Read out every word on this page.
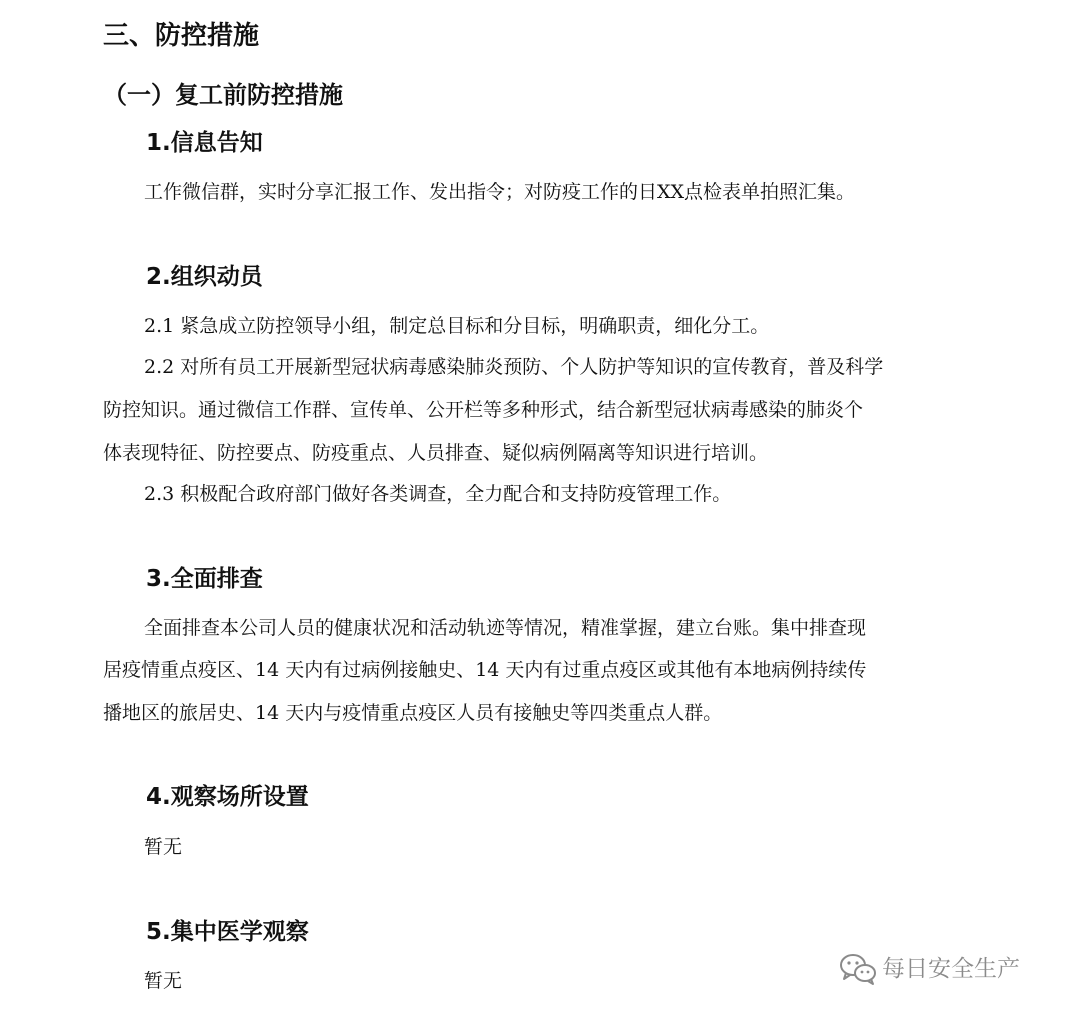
三、防控措施
（一）复工前防控措施
1.信息告知
工作微信群，实时分享汇报工作、发出指令；对防疫工作的日XX点检表单拍照汇集。
2.组织动员
2.1 紧急成立防控领导小组，制定总目标和分目标，明确职责，细化分工。
2.2 对所有员工开展新型冠状病毒感染肺炎预防、个人防护等知识的宣传教育，普及科学
防控知识。通过微信工作群、宣传单、公开栏等多种形式，结合新型冠状病毒感染的肺炎个
体表现特征、防控要点、防疫重点、人员排查、疑似病例隔离等知识进行培训。
2.3 积极配合政府部门做好各类调查，全力配合和支持防疫管理工作。
3.全面排查
全面排查本公司人员的健康状况和活动轨迹等情况，精准掌握，建立台账。集中排查现
居疫情重点疫区、14 天内有过病例接触史、14 天内有过重点疫区或其他有本地病例持续传
播地区的旅居史、14 天内与疫情重点疫区人员有接触史等四类重点人群。
4.观察场所设置
暂无
5.集中医学观察
暂无	每日安全生产
